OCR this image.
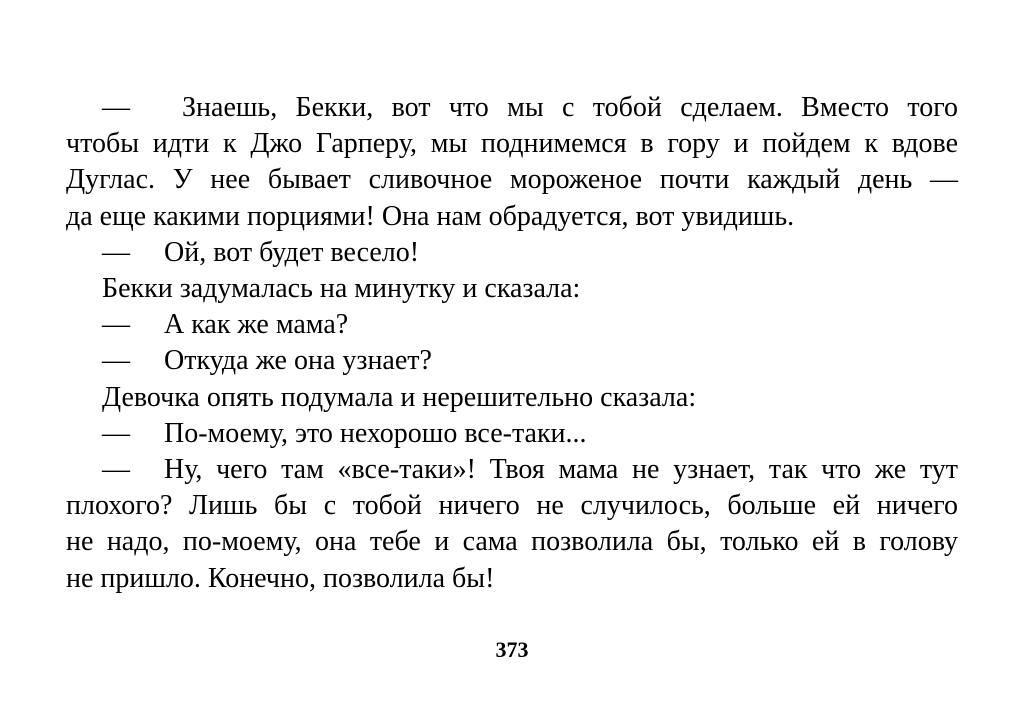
—	Знаешь, Бекки, вот что мы с тобой сделаем. Вместо того
чтобы идти к Джо Гарперу, мы поднимемся в гору и пойдем к вдове
Дуглас. У нее бывает сливочное мороженое почти каждый день —
да еще какими порциями! Она нам обрадуется, вот увидишь.
—	Ой, вот будет весело!
Бекки задумалась на минутку и сказала:
—	А как же мама?
—	Откуда же она узнает?
Девочка опять подумала и нерешительно сказала:
—	По-моему, это нехорошо все-таки...
—	Ну, чего там «все-таки»! Твоя мама не узнает, так что же тут
плохого? Лишь бы с тобой ничего не случилось, больше ей ничего
не надо, по-моему, она тебе и сама позволила бы, только ей в голову
не пришло. Конечно, позволила бы!
373
